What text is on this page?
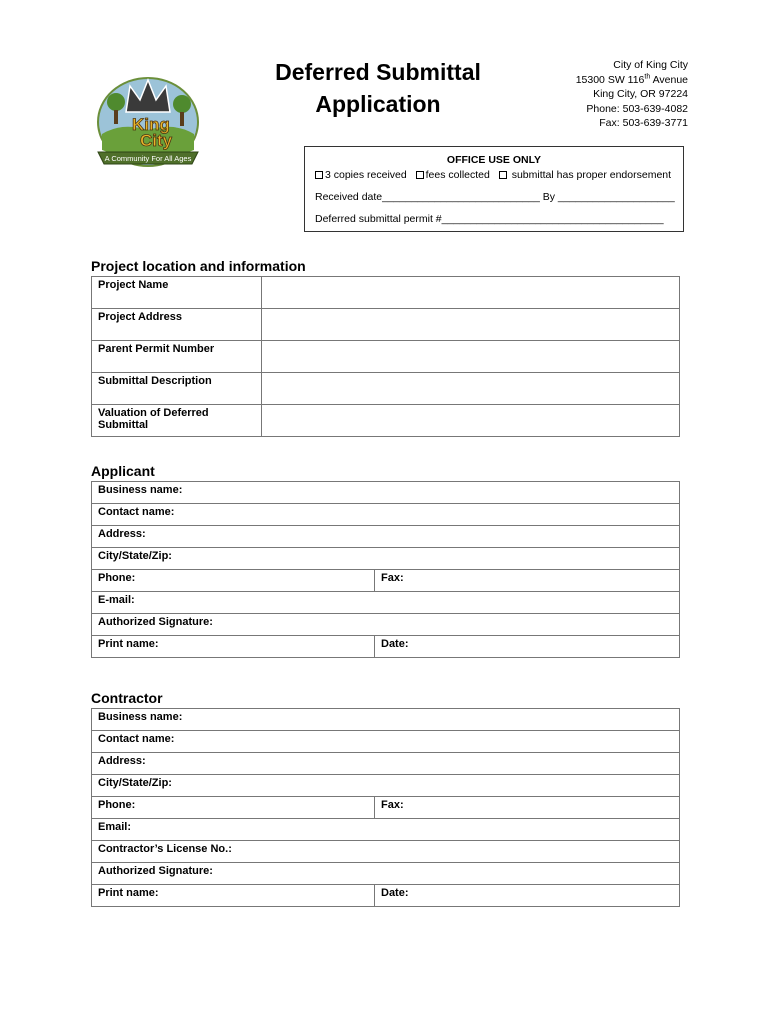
King
City
A Community For All Ages
Deferred Submittal
Application
City of King City
15300 SW 116th Avenue
King City, OR 97224
Phone: 503-639-4082
Fax: 503-639-3771
OFFICE USE ONLY
3 copies received fees collected submittal has proper endorsement
Received date___________________________ By ____________________
Deferred submittal permit #______________________________________
Project location and information
Project Name	
Project Address	
Parent Permit Number	
Submittal Description	
Valuation of Deferred Submittal	
Applicant
Business name:	
Contact name:	
Address:	
City/State/Zip:	
Phone:	Fax:
E-mail:	
Authorized Signature:	
Print name:	Date:
Contractor
Business name:	
Contact name:	
Address:	
City/State/Zip:	
Phone:	Fax:
Email:	
Contractor’s License No.:	
Authorized Signature:	
Print name:	Date:
